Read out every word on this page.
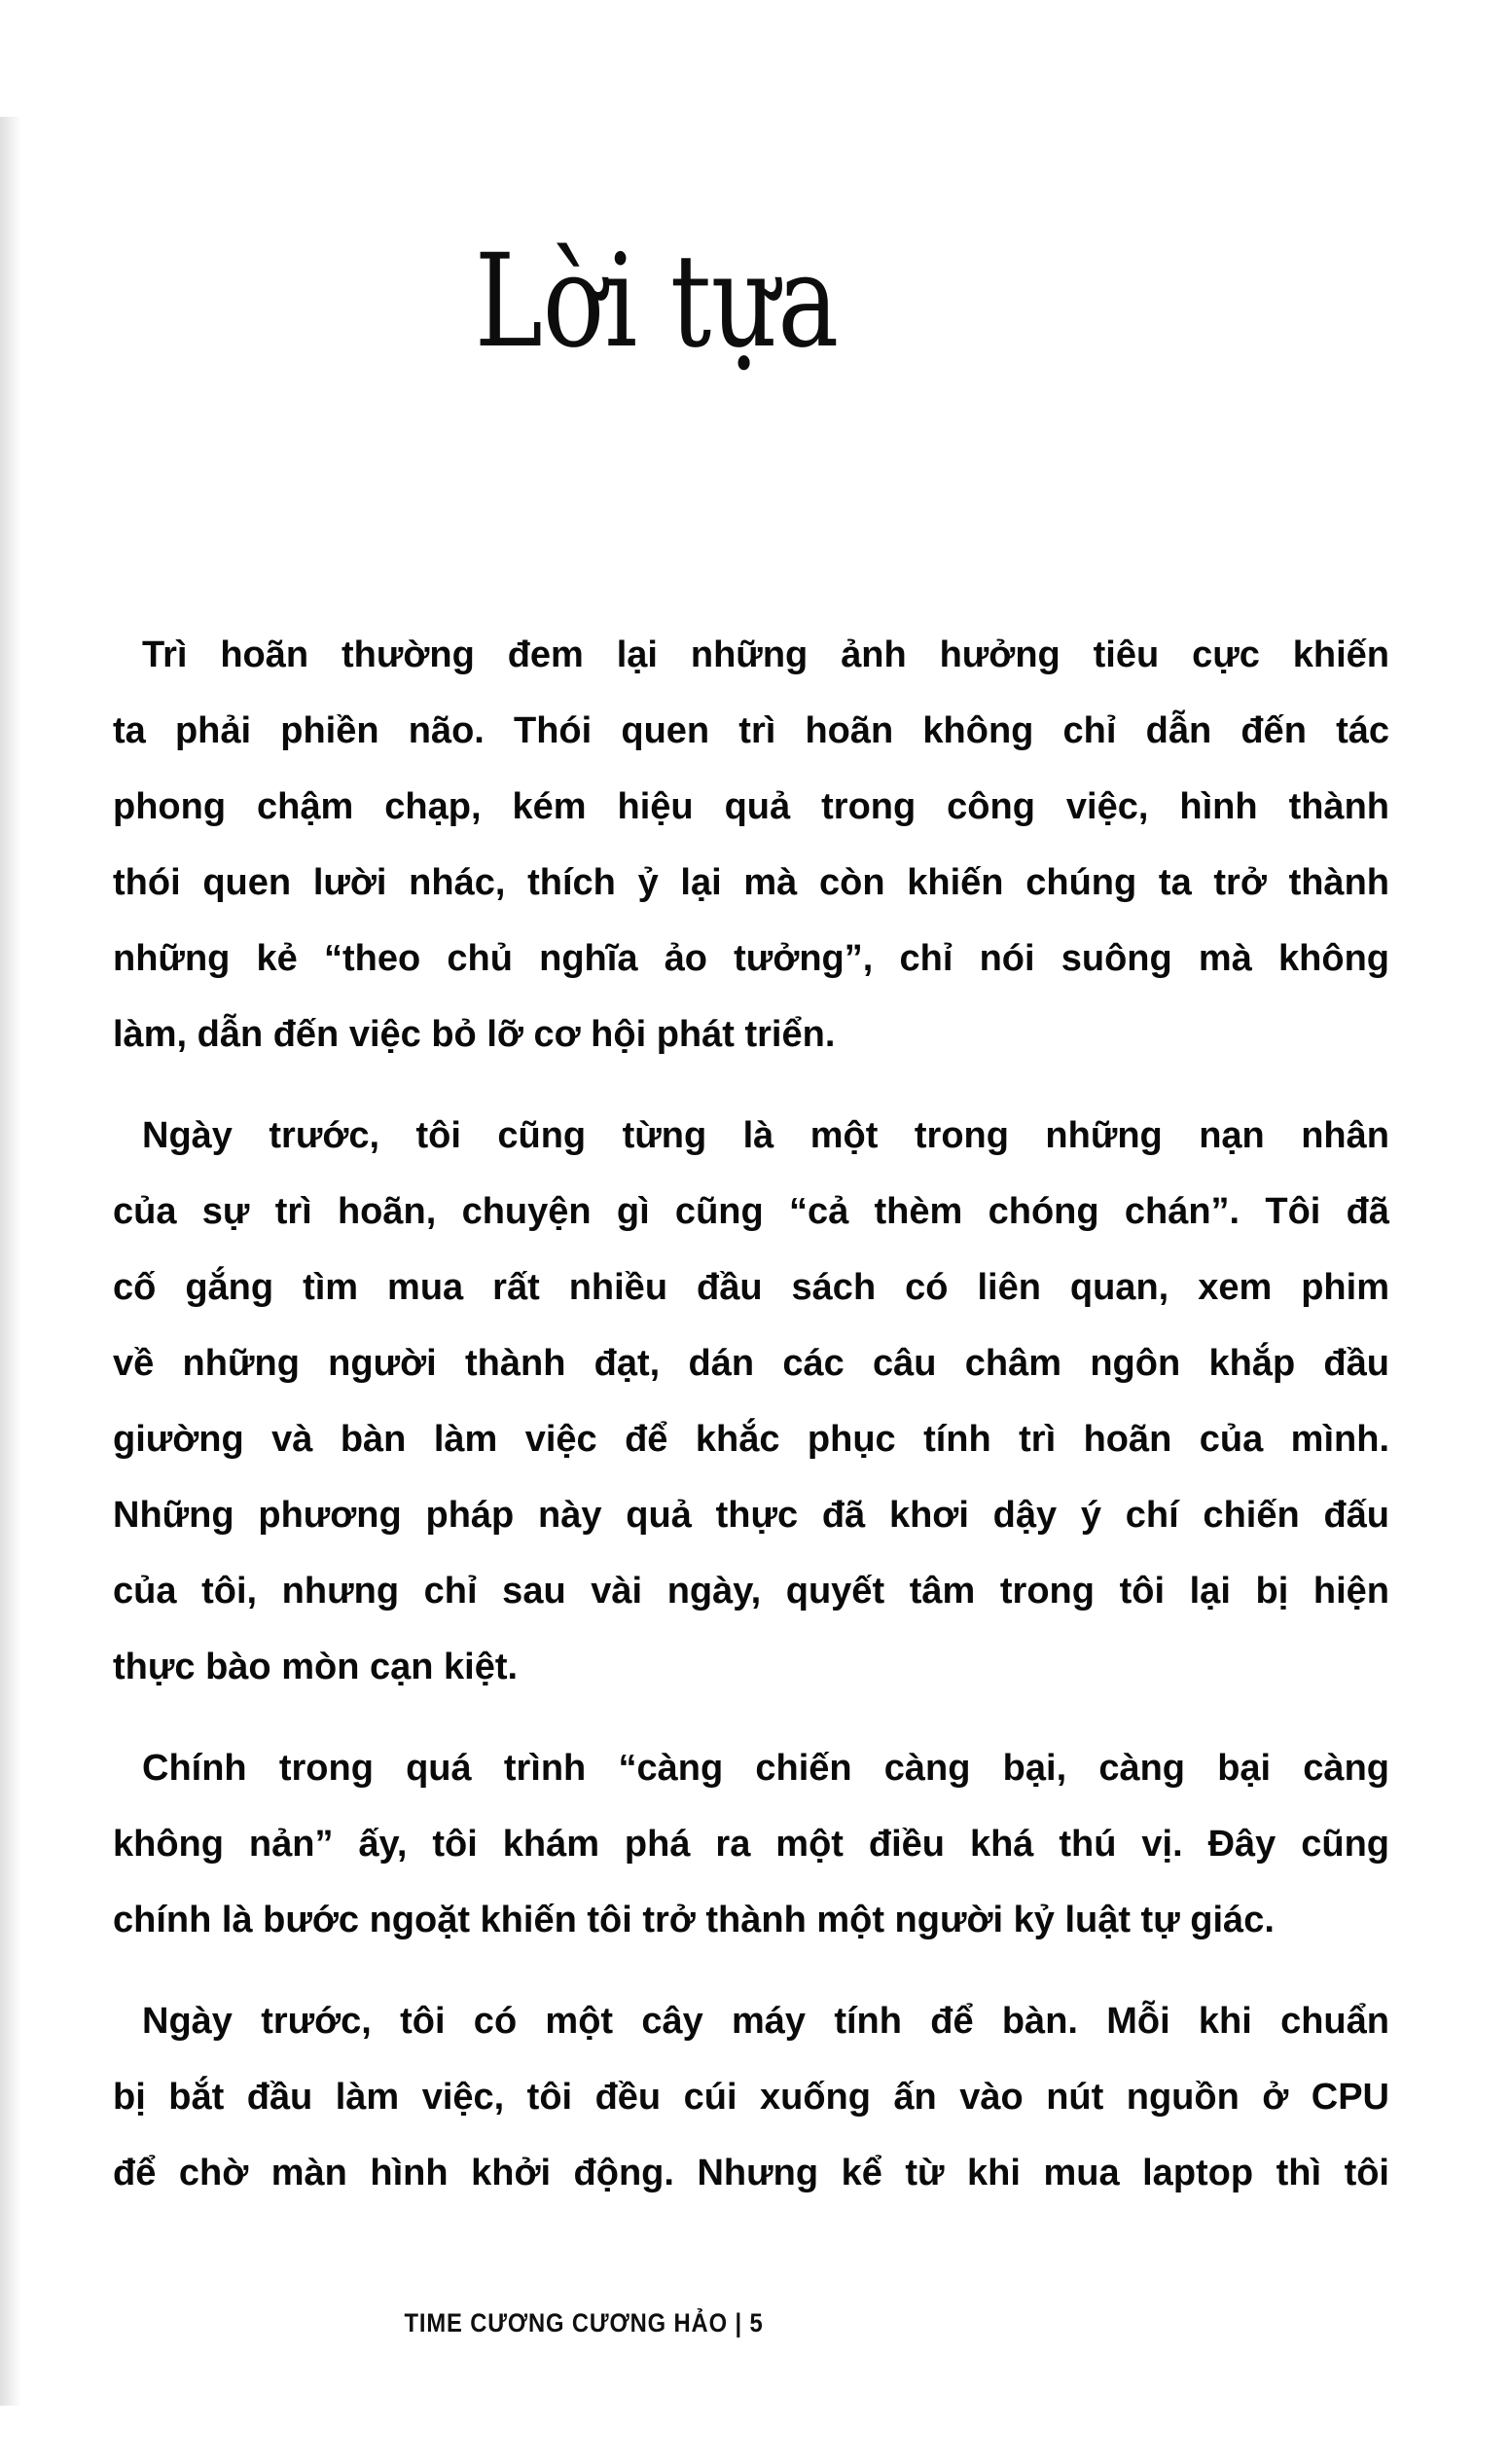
Lời tựa
Trì hoãn thường đem lại những ảnh hưởng tiêu cực khiến
ta phải phiền não. Thói quen trì hoãn không chỉ dẫn đến tác
phong chậm chạp, kém hiệu quả trong công việc, hình thành
thói quen lười nhác, thích ỷ lại mà còn khiến chúng ta trở thành
những kẻ “theo chủ nghĩa ảo tưởng”, chỉ nói suông mà không
làm, dẫn đến việc bỏ lỡ cơ hội phát triển.
Ngày trước, tôi cũng từng là một trong những nạn nhân
của sự trì hoãn, chuyện gì cũng “cả thèm chóng chán”. Tôi đã
cố gắng tìm mua rất nhiều đầu sách có liên quan, xem phim
về những người thành đạt, dán các câu châm ngôn khắp đầu
giường và bàn làm việc để khắc phục tính trì hoãn của mình.
Những phương pháp này quả thực đã khơi dậy ý chí chiến đấu
của tôi, nhưng chỉ sau vài ngày, quyết tâm trong tôi lại bị hiện
thực bào mòn cạn kiệt.
Chính trong quá trình “càng chiến càng bại, càng bại càng
không nản” ấy, tôi khám phá ra một điều khá thú vị. Đây cũng
chính là bước ngoặt khiến tôi trở thành một người kỷ luật tự giác.
Ngày trước, tôi có một cây máy tính để bàn. Mỗi khi chuẩn
bị bắt đầu làm việc, tôi đều cúi xuống ấn vào nút nguồn ở CPU
để chờ màn hình khởi động. Nhưng kể từ khi mua laptop thì tôi
TIME CƯƠNG CƯƠNG HẢO | 5
